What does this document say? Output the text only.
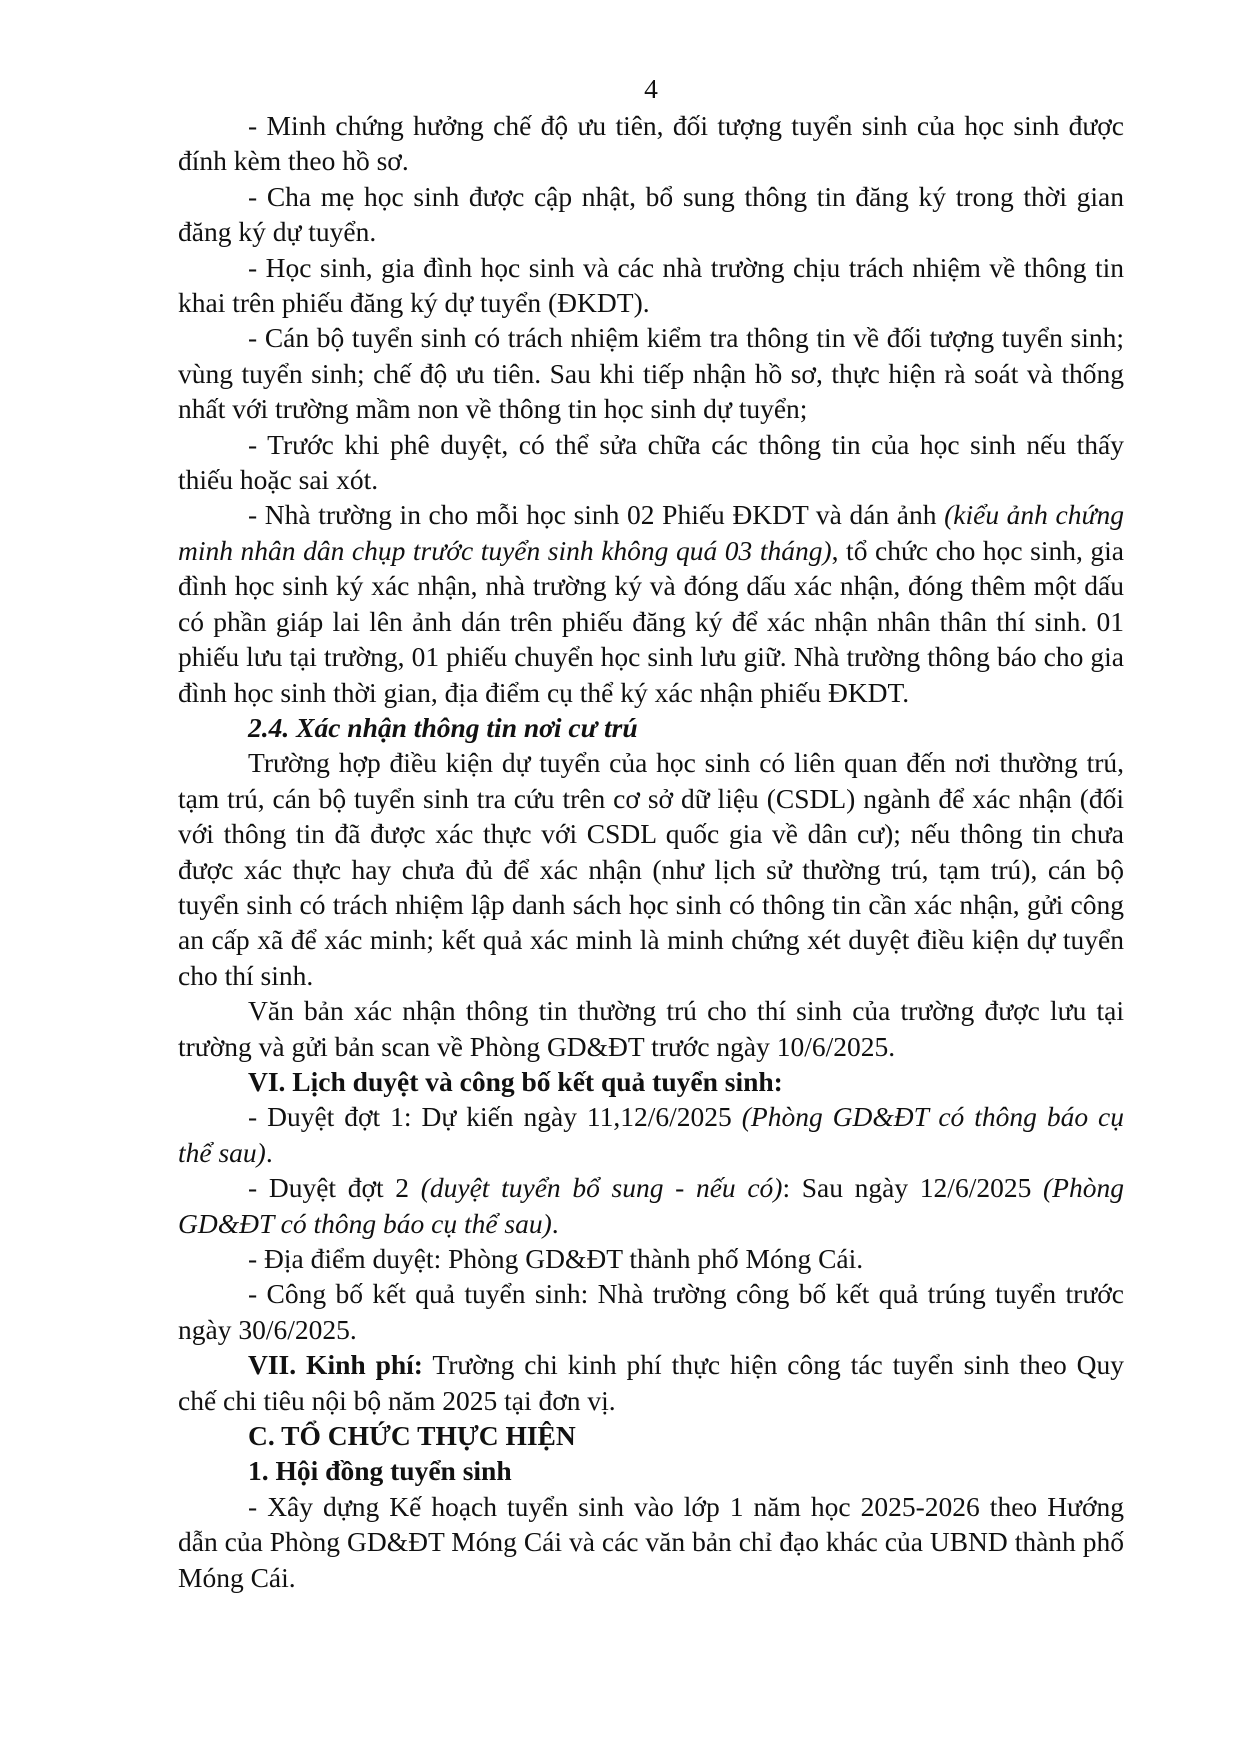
4

- Minh chứng hưởng chế độ ưu tiên, đối tượng tuyển sinh của học sinh được đính kèm theo hồ sơ.

- Cha mẹ học sinh được cập nhật, bổ sung thông tin đăng ký trong thời gian đăng ký dự tuyển.

- Học sinh, gia đình học sinh và các nhà trường chịu trách nhiệm về thông tin khai trên phiếu đăng ký dự tuyển (ĐKDT).

- Cán bộ tuyển sinh có trách nhiệm kiểm tra thông tin về đối tượng tuyển sinh; vùng tuyển sinh; chế độ ưu tiên. Sau khi tiếp nhận hồ sơ, thực hiện rà soát và thống nhất với trường mầm non về thông tin học sinh dự tuyển;

- Trước khi phê duyệt, có thể sửa chữa các thông tin của học sinh nếu thấy thiếu hoặc sai xót.

- Nhà trường in cho mỗi học sinh 02 Phiếu ĐKDT và dán ảnh (kiểu ảnh chứng minh nhân dân chụp trước tuyển sinh không quá 03 tháng), tổ chức cho học sinh, gia đình học sinh ký xác nhận, nhà trường ký và đóng dấu xác nhận, đóng thêm một dấu có phần giáp lai lên ảnh dán trên phiếu đăng ký để xác nhận nhân thân thí sinh. 01 phiếu lưu tại trường, 01 phiếu chuyển học sinh lưu giữ. Nhà trường thông báo cho gia đình học sinh thời gian, địa điểm cụ thể ký xác nhận phiếu ĐKDT.

2.4. Xác nhận thông tin nơi cư trú

Trường hợp điều kiện dự tuyển của học sinh có liên quan đến nơi thường trú, tạm trú, cán bộ tuyển sinh tra cứu trên cơ sở dữ liệu (CSDL) ngành để xác nhận (đối với thông tin đã được xác thực với CSDL quốc gia về dân cư); nếu thông tin chưa được xác thực hay chưa đủ để xác nhận (như lịch sử thường trú, tạm trú), cán bộ tuyển sinh có trách nhiệm lập danh sách học sinh có thông tin cần xác nhận, gửi công an cấp xã để xác minh; kết quả xác minh là minh chứng xét duyệt điều kiện dự tuyển cho thí sinh.

Văn bản xác nhận thông tin thường trú cho thí sinh của trường được lưu tại trường và gửi bản scan về Phòng GD&ĐT trước ngày 10/6/2025.

VI. Lịch duyệt và công bố kết quả tuyển sinh:

- Duyệt đợt 1: Dự kiến ngày 11,12/6/2025 (Phòng GD&ĐT có thông báo cụ thể sau).

- Duyệt đợt 2 (duyệt tuyển bổ sung - nếu có): Sau ngày 12/6/2025 (Phòng GD&ĐT có thông báo cụ thể sau).

- Địa điểm duyệt: Phòng GD&ĐT thành phố Móng Cái.

- Công bố kết quả tuyển sinh: Nhà trường công bố kết quả trúng tuyển trước ngày 30/6/2025.

VII. Kinh phí: Trường chi kinh phí thực hiện công tác tuyển sinh theo Quy chế chi tiêu nội bộ năm 2025 tại đơn vị.

C. TỔ CHỨC THỰC HIỆN

1. Hội đồng tuyển sinh

- Xây dựng Kế hoạch tuyển sinh vào lớp 1 năm học 2025-2026 theo Hướng dẫn của Phòng GD&ĐT Móng Cái và các văn bản chỉ đạo khác của UBND thành phố Móng Cái.
